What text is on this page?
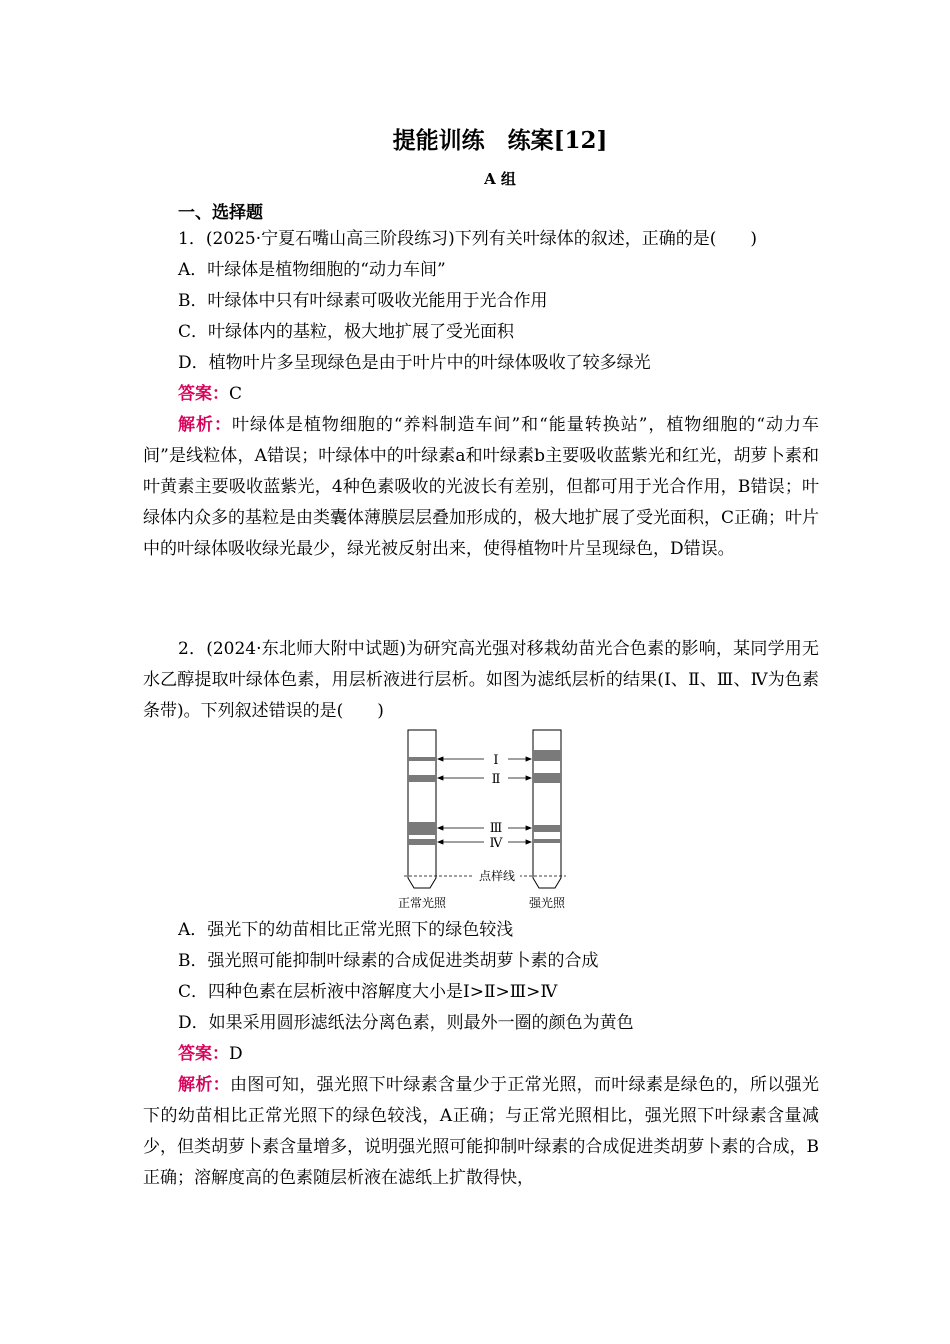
提能训练　练案[12]
A 组
一、选择题

1．(2025·宁夏石嘴山高三阶段练习)下列有关叶绿体的叙述，正确的是(　　)

A．叶绿体是植物细胞的“动力车间”

B．叶绿体中只有叶绿素可吸收光能用于光合作用

C．叶绿体内的基粒，极大地扩展了受光面积

D．植物叶片多呈现绿色是由于叶片中的叶绿体吸收了较多绿光

答案：C

解析：叶绿体是植物细胞的“养料制造车间”和“能量转换站”，植物细胞的“动力车间”是线粒体，A错误；叶绿体中的叶绿素a和叶绿素b主要吸收蓝紫光和红光，胡萝卜素和叶黄素主要吸收蓝紫光，4种色素吸收的光波长有差别，但都可用于光合作用，B错误；叶绿体内众多的基粒是由类囊体薄膜层层叠加形成的，极大地扩展了受光面积，C正确；叶片中的叶绿体吸收绿光最少，绿光被反射出来，使得植物叶片呈现绿色，D错误。

2．(2024·东北师大附中试题)为研究高光强对移栽幼苗光合色素的影响，某同学用无水乙醇提取叶绿体色素，用层析液进行层析。如图为滤纸层析的结果(Ⅰ、Ⅱ、Ⅲ、Ⅳ为色素条带)。下列叙述错误的是(　　)

Ⅰ
Ⅱ
Ⅲ
Ⅳ
点样线
正常光照	强光照

A．强光下的幼苗相比正常光照下的绿色较浅

B．强光照可能抑制叶绿素的合成促进类胡萝卜素的合成

C．四种色素在层析液中溶解度大小是Ⅰ>Ⅱ>Ⅲ>Ⅳ

D．如果采用圆形滤纸法分离色素，则最外一圈的颜色为黄色

答案：D

解析：由图可知，强光照下叶绿素含量少于正常光照，而叶绿素是绿色的，所以强光下的幼苗相比正常光照下的绿色较浅，A正确；与正常光照相比，强光照下叶绿素含量减少，但类胡萝卜素含量增多，说明强光照可能抑制叶绿素的合成促进类胡萝卜素的合成，B正确；溶解度高的色素随层析液在滤纸上扩散得快，
